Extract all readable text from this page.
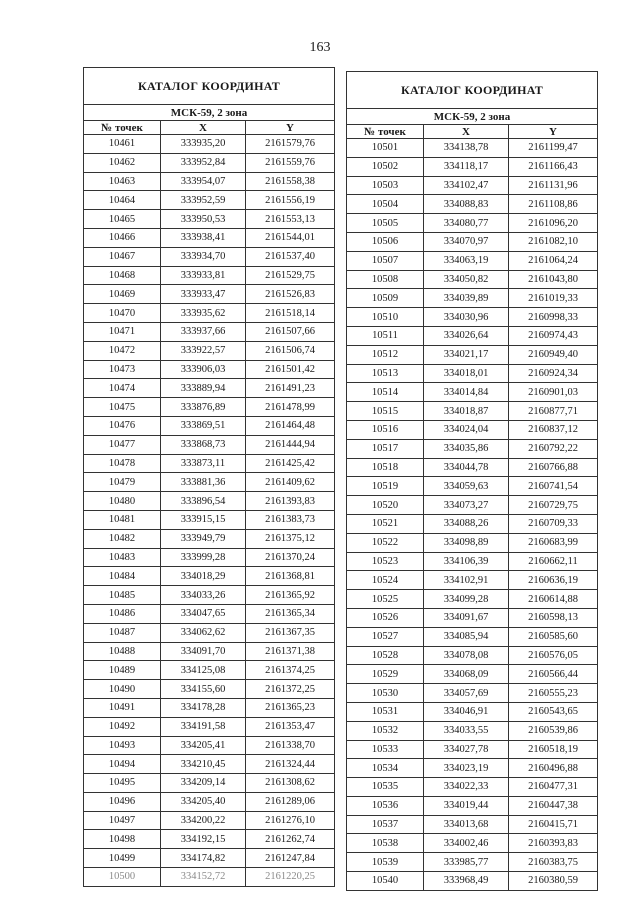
163
КАТАЛОГ КООРДИНАТ		
МСК-59, 2 зона		
№ точек	X	Y
10461	333935,20	2161579,76
10462	333952,84	2161559,76
10463	333954,07	2161558,38
10464	333952,59	2161556,19
10465	333950,53	2161553,13
10466	333938,41	2161544,01
10467	333934,70	2161537,40
10468	333933,81	2161529,75
10469	333933,47	2161526,83
10470	333935,62	2161518,14
10471	333937,66	2161507,66
10472	333922,57	2161506,74
10473	333906,03	2161501,42
10474	333889,94	2161491,23
10475	333876,89	2161478,99
10476	333869,51	2161464,48
10477	333868,73	2161444,94
10478	333873,11	2161425,42
10479	333881,36	2161409,62
10480	333896,54	2161393,83
10481	333915,15	2161383,73
10482	333949,79	2161375,12
10483	333999,28	2161370,24
10484	334018,29	2161368,81
10485	334033,26	2161365,92
10486	334047,65	2161365,34
10487	334062,62	2161367,35
10488	334091,70	2161371,38
10489	334125,08	2161374,25
10490	334155,60	2161372,25
10491	334178,28	2161365,23
10492	334191,58	2161353,47
10493	334205,41	2161338,70
10494	334210,45	2161324,44
10495	334209,14	2161308,62
10496	334205,40	2161289,06
10497	334200,22	2161276,10
10498	334192,15	2161262,74
10499	334174,82	2161247,84
10500	334152,72	2161220,25
КАТАЛОГ КООРДИНАТ		
МСК-59, 2 зона		
№ точек	X	Y
10501	334138,78	2161199,47
10502	334118,17	2161166,43
10503	334102,47	2161131,96
10504	334088,83	2161108,86
10505	334080,77	2161096,20
10506	334070,97	2161082,10
10507	334063,19	2161064,24
10508	334050,82	2161043,80
10509	334039,89	2161019,33
10510	334030,96	2160998,33
10511	334026,64	2160974,43
10512	334021,17	2160949,40
10513	334018,01	2160924,34
10514	334014,84	2160901,03
10515	334018,87	2160877,71
10516	334024,04	2160837,12
10517	334035,86	2160792,22
10518	334044,78	2160766,88
10519	334059,63	2160741,54
10520	334073,27	2160729,75
10521	334088,26	2160709,33
10522	334098,89	2160683,99
10523	334106,39	2160662,11
10524	334102,91	2160636,19
10525	334099,28	2160614,88
10526	334091,67	2160598,13
10527	334085,94	2160585,60
10528	334078,08	2160576,05
10529	334068,09	2160566,44
10530	334057,69	2160555,23
10531	334046,91	2160543,65
10532	334033,55	2160539,86
10533	334027,78	2160518,19
10534	334023,19	2160496,88
10535	334022,33	2160477,31
10536	334019,44	2160447,38
10537	334013,68	2160415,71
10538	334002,46	2160393,83
10539	333985,77	2160383,75
10540	333968,49	2160380,59
